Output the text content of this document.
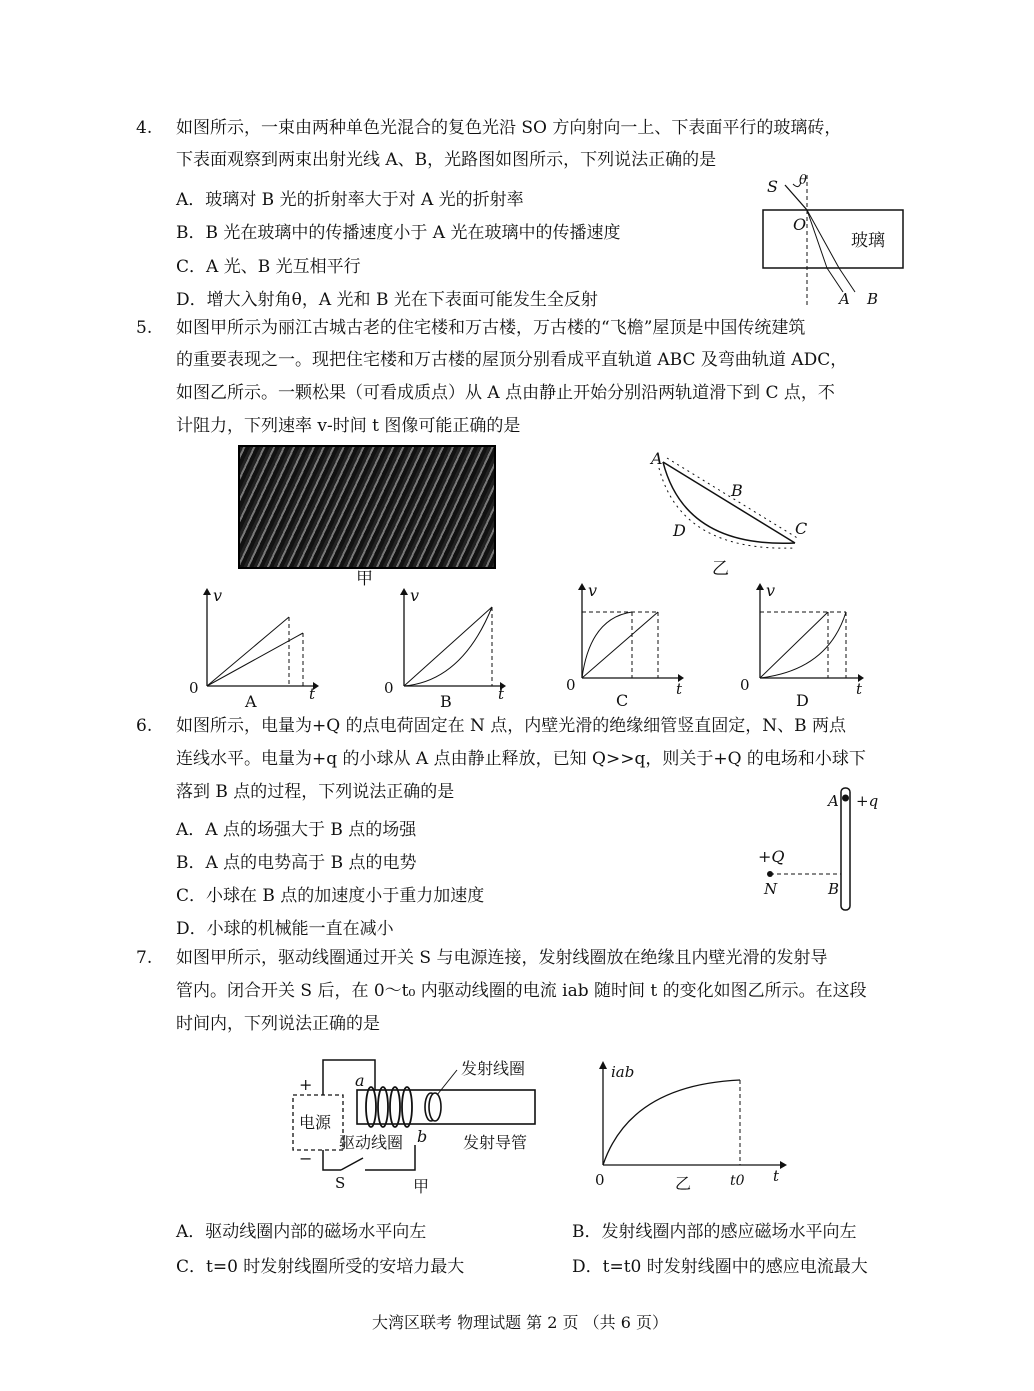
4. 如图所示，一束由两种单色光混合的复色光沿 SO 方向射向一上、下表面平行的玻璃砖，
下表面观察到两束出射光线 A、B，光路图如图所示，下列说法正确的是
A．玻璃对 B 光的折射率大于对 A 光的折射率
B．B 光在玻璃中的传播速度小于 A 光在玻璃中的传播速度
C．A 光、B 光互相平行
D．增大入射角θ，A 光和 B 光在下表面可能发生全反射
S θ
O
玻璃
A B
5. 如图甲所示为丽江古城古老的住宅楼和万古楼，万古楼的“飞檐”屋顶是中国传统建筑
的重要表现之一。现把住宅楼和万古楼的屋顶分别看成平直轨道 ABC 及弯曲轨道 ADC，
如图乙所示。一颗松果（可看成质点）从 A 点由静止开始分别沿两轨道滑下到 C 点，不
计阻力，下列速率 v-时间 t 图像可能正确的是
甲
A
B
C
D
乙
v
0	t
A
v
0	t
B
v
0	t
C
v
0	t
D
6. 如图所示，电量为+Q 的点电荷固定在 N 点，内壁光滑的绝缘细管竖直固定，N、B 两点
连线水平。电量为+q 的小球从 A 点由静止释放，已知 Q>>q，则关于+Q 的电场和小球下
落到 B 点的过程，下列说法正确的是
A．A 点的场强大于 B 点的场强
B．A 点的电势高于 B 点的电势
C．小球在 B 点的加速度小于重力加速度
D．小球的机械能一直在减小
A +q
+Q
N	B
7. 如图甲所示，驱动线圈通过开关 S 与电源连接，发射线圈放在绝缘且内壁光滑的发射导
管内。闭合开关 S 后，在 0～t₀ 内驱动线圈的电流 iab 随时间 t 的变化如图乙所示。在这段
时间内，下列说法正确的是
+
−
电源
a
b
发射线圈
驱动线圈	发射导管
S	甲
iab
0	t0 t
乙
A．驱动线圈内部的磁场水平向左	B．发射线圈内部的感应磁场水平向左
C．t=0 时发射线圈所受的安培力最大	D．t=t0 时发射线圈中的感应电流最大
大湾区联考 物理试题 第 2 页 （共 6 页）
